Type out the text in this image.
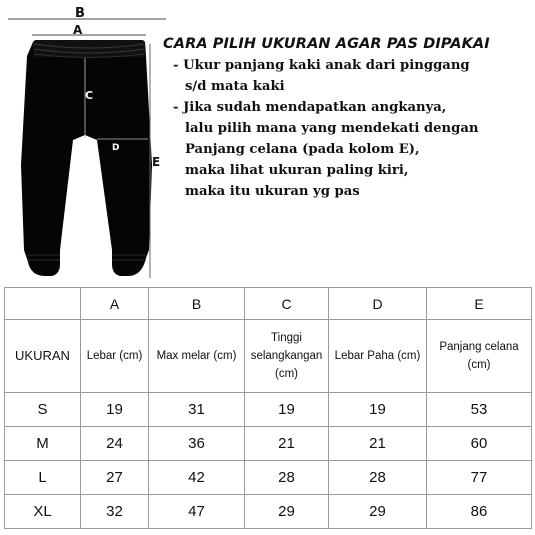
B
A
C
D
E
CARA PILIH UKURAN AGAR PAS DIPAKAI
- Ukur panjang kaki anak dari pinggang
s/d mata kaki
- Jika sudah mendapatkan angkanya,
lalu pilih mana yang mendekati dengan
Panjang celana (pada kolom E),
maka lihat ukuran paling kiri,
maka itu ukuran yg pas
	A	B	C	D	E
UKURAN	Lebar (cm)	Max melar (cm)	Tinggi
selangkangan
(cm)	Lebar Paha (cm)	Panjang celana
(cm)
S	19	31	19	19	53
M	24	36	21	21	60
L	27	42	28	28	77
XL	32	47	29	29	86
